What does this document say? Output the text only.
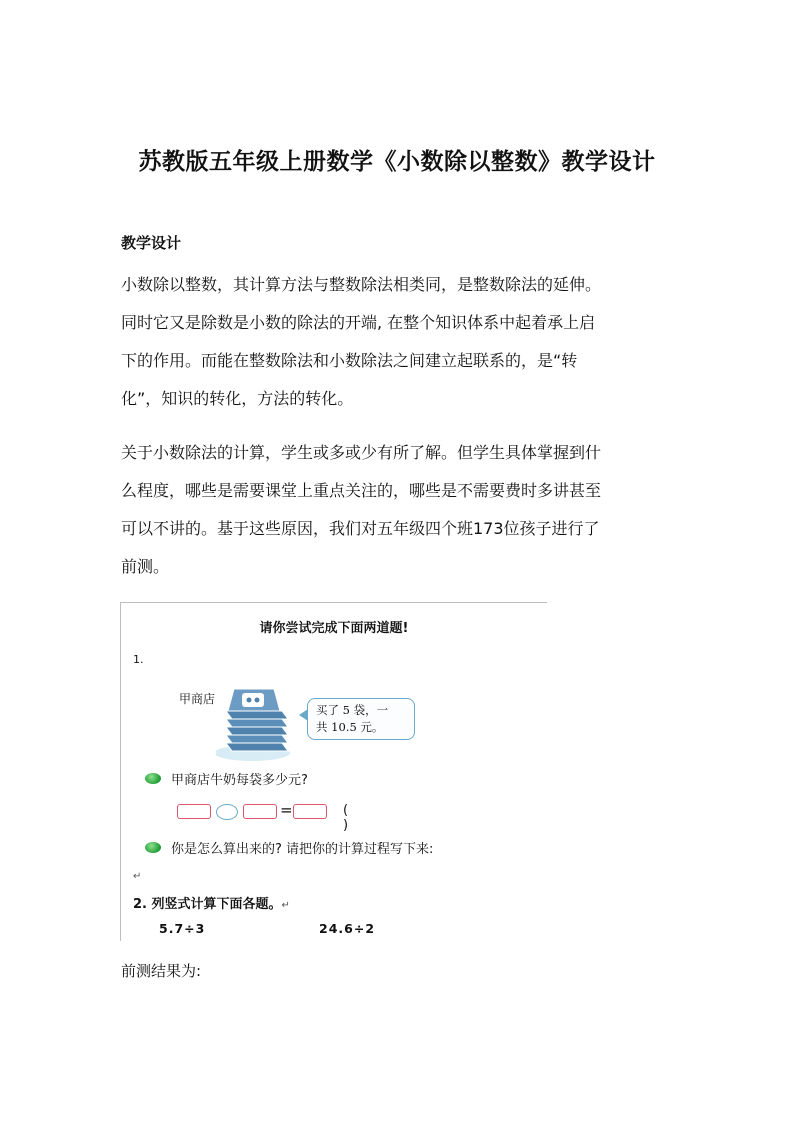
苏教版五年级上册数学《小数除以整数》教学设计
教学设计
小数除以整数，其计算方法与整数除法相类同，是整数除法的延伸。
同时它又是除数是小数的除法的开端, 在整个知识体系中起着承上启
下的作用。而能在整数除法和小数除法之间建立起联系的，是“转
化”，知识的转化，方法的转化。
关于小数除法的计算，学生或多或少有所了解。但学生具体掌握到什
么程度，哪些是需要课堂上重点关注的，哪些是不需要费时多讲甚至
可以不讲的。基于这些原因，我们对五年级四个班173位孩子进行了
前测。
请你尝试完成下面两道题!
1.
甲商店
买了 5 袋，一
共 10.5 元。
甲商店牛奶每袋多少元?
=	( )
你是怎么算出来的? 请把你的计算过程写下来:
↵
2. 列竖式计算下面各题。↵
5.7÷3	24.6÷2
前测结果为:
